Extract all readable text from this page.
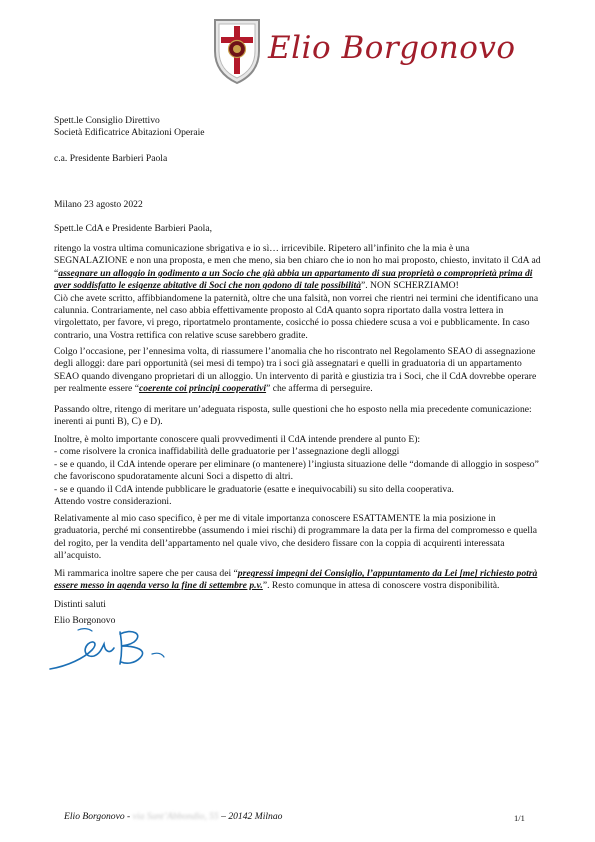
Elio Borgonovo

Spett.le Consiglio Direttivo

Società Edificatrice Abitazioni Operaie

c.a. Presidente Barbieri Paola
Milano 23 agosto 2022
Spett.le CdA e Presidente Barbieri Paola,

ritengo la vostra ultima comunicazione sbrigativa e io sì… irricevibile. Ripetero all’infinito che la mia è una SEGNALAZIONE e non una proposta, e men che meno, sia ben chiaro che io non ho mai proposto, chiesto, invitato il CdA ad “assegnare un alloggio in godimento a un Socio che già abbia un appartamento di sua proprietà o comproprietà prima di aver soddisfatto le esigenze abitative di Soci che non godono di tale possibilità”. NON SCHERZIAMO!

Ciò che avete scritto, affibbiandomene la paternità, oltre che una falsità, non vorrei che rientri nei termini che identificano una calunnia. Contrariamente, nel caso abbia effettivamente proposto al CdA quanto sopra riportato dalla vostra lettera in virgolettato, per favore, vi prego, riportatmelo prontamente, cosicché io possa chiedere scusa a voi e pubblicamente. In caso contrario, una Vostra rettifica con relative scuse sarebbero gradite.

Colgo l’occasione, per l’ennesima volta, di riassumere l’anomalia che ho riscontrato nel Regolamento SEAO di assegnazione degli alloggi: dare pari opportunità (sei mesi di tempo) tra i soci già assegnatari e quelli in graduatoria di un appartamento SEAO quando divengano proprietari di un alloggio. Un intervento di parità e giustizia tra i Soci, che il CdA dovrebbe operare per realmente essere “coerente coi principi cooperativi” che afferma di perseguire.

Passando oltre, ritengo di meritare un’adeguata risposta, sulle questioni che ho esposto nella mia precedente comunicazione: inerenti ai punti B), C) e D).

Inoltre, è molto importante conoscere quali provvedimenti il CdA intende prendere al punto E):

- come risolvere la cronica inaffidabilità delle graduatorie per l’assegnazione degli alloggi

- se e quando, il CdA intende operare per eliminare (o mantenere) l’ingiusta situazione delle “domande di alloggio in sospeso” che favoriscono spudoratamente alcuni Soci a dispetto di altri.

- se e quando il CdA intende pubblicare le graduatorie (esatte e inequivocabili) su sito della cooperativa.

Attendo vostre considerazioni.

Relativamente al mio caso specifico, è per me di vitale importanza conoscere ESATTAMENTE la mia posizione in graduatoria, perché mi consentirebbe (assumendo i miei rischi) di programmare la data per la firma del compromesso e quella del rogito, per la vendita dell’appartamento nel quale vivo, che desidero fissare con la coppia di acquirenti interessata all’acquisto.

Mi rammarica inoltre sapere che per causa dei “pregressi impegni dei Consiglio, l’appuntamento da Lei [me] richiesto potrà essere messo in agenda verso la fine di settembre p.v.”. Resto comunque in attesa di conoscere vostra disponibilità.

Distinti saluti
Elio Borgonovo
Elio Borgonovo - via Sant’Abbondio, 55 – 20142 Milnao	1/1
